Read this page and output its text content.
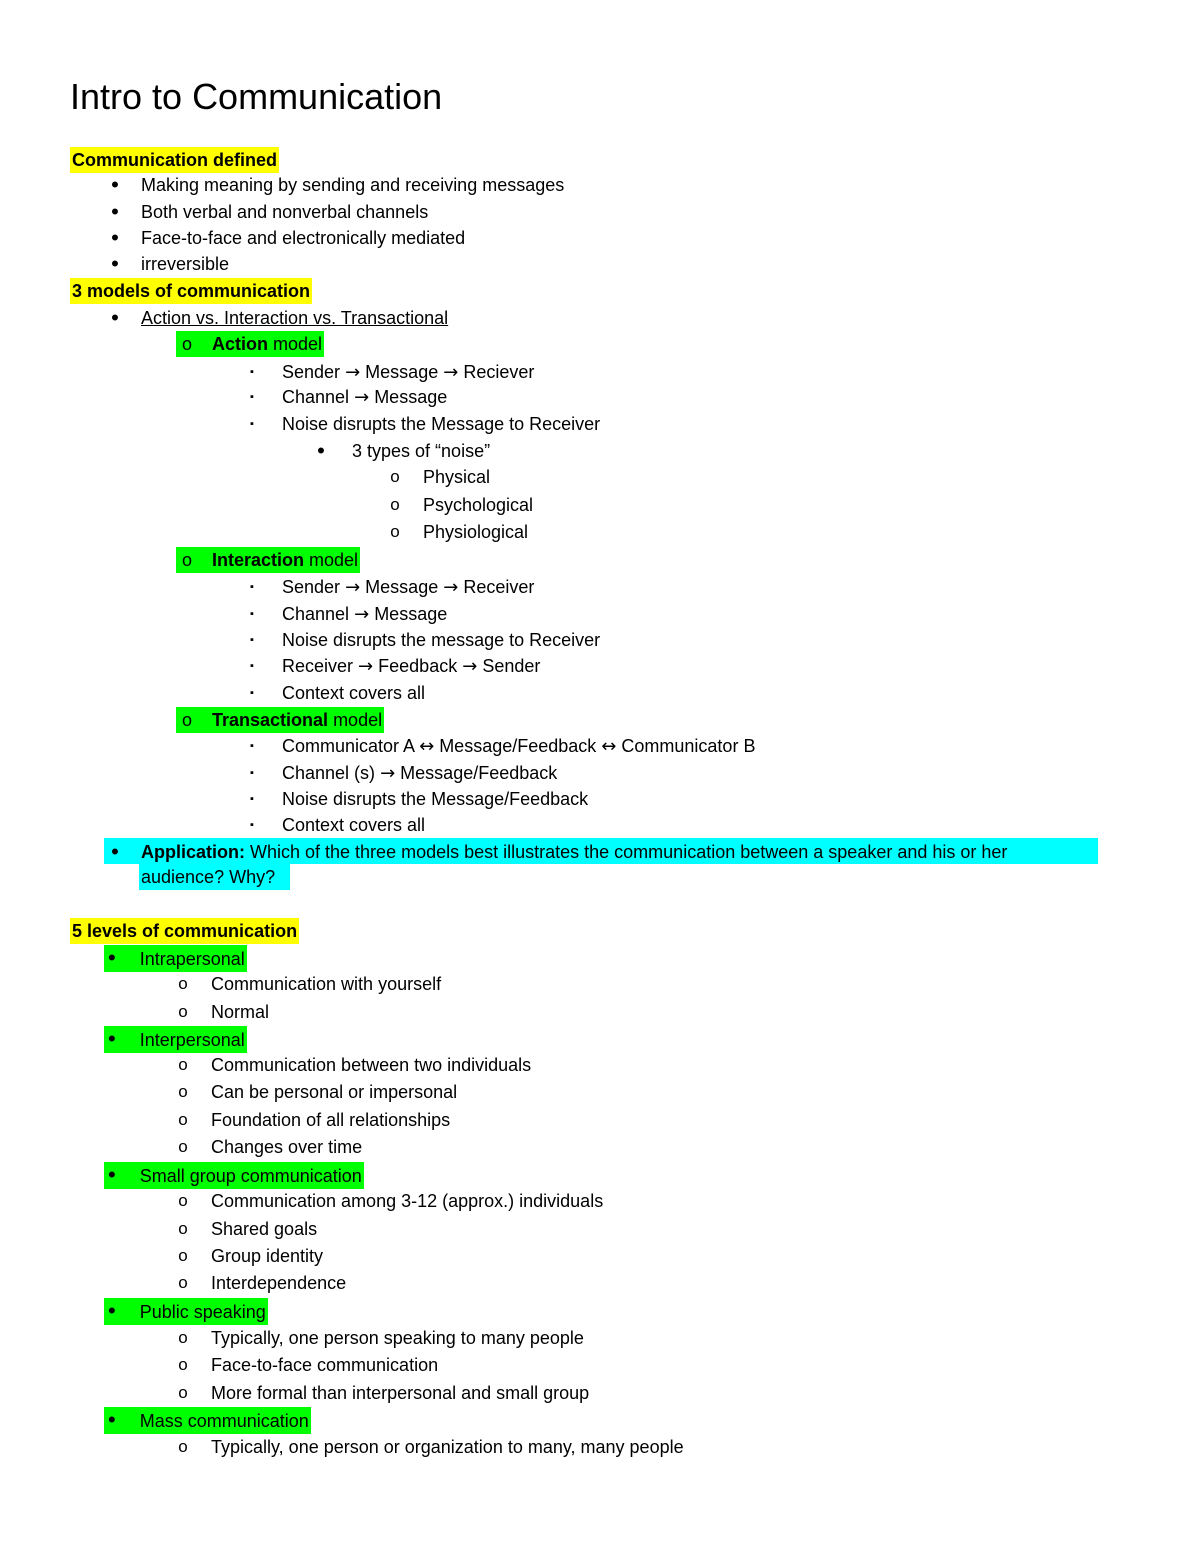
Intro to Communication
Communication defined
• Making meaning by sending and receiving messages
• Both verbal and nonverbal channels
• Face-to-face and electronically mediated
• irreversible
3 models of communication
• Action vs. Interaction vs. Transactional
o Action model
▪ Sender → Message → Reciever
▪ Channel → Message
▪ Noise disrupts the Message to Receiver
• 3 types of “noise”
o Physical
o Psychological
o Physiological
o Interaction model
▪ Sender → Message → Receiver
▪ Channel → Message
▪ Noise disrupts the message to Receiver
▪ Receiver → Feedback → Sender
▪ Context covers all
o Transactional model
▪ Communicator A ↔ Message/Feedback ↔ Communicator B
▪ Channel (s) → Message/Feedback
▪ Noise disrupts the Message/Feedback
▪ Context covers all
• Application: Which of the three models best illustrates the communication between a speaker and his or her
audience? Why?
5 levels of communication
• Intrapersonal
o Communication with yourself
o Normal
• Interpersonal
o Communication between two individuals
o Can be personal or impersonal
o Foundation of all relationships
o Changes over time
• Small group communication
o Communication among 3-12 (approx.) individuals
o Shared goals
o Group identity
o Interdependence
• Public speaking
o Typically, one person speaking to many people
o Face-to-face communication
o More formal than interpersonal and small group
• Mass communication
o Typically, one person or organization to many, many people
